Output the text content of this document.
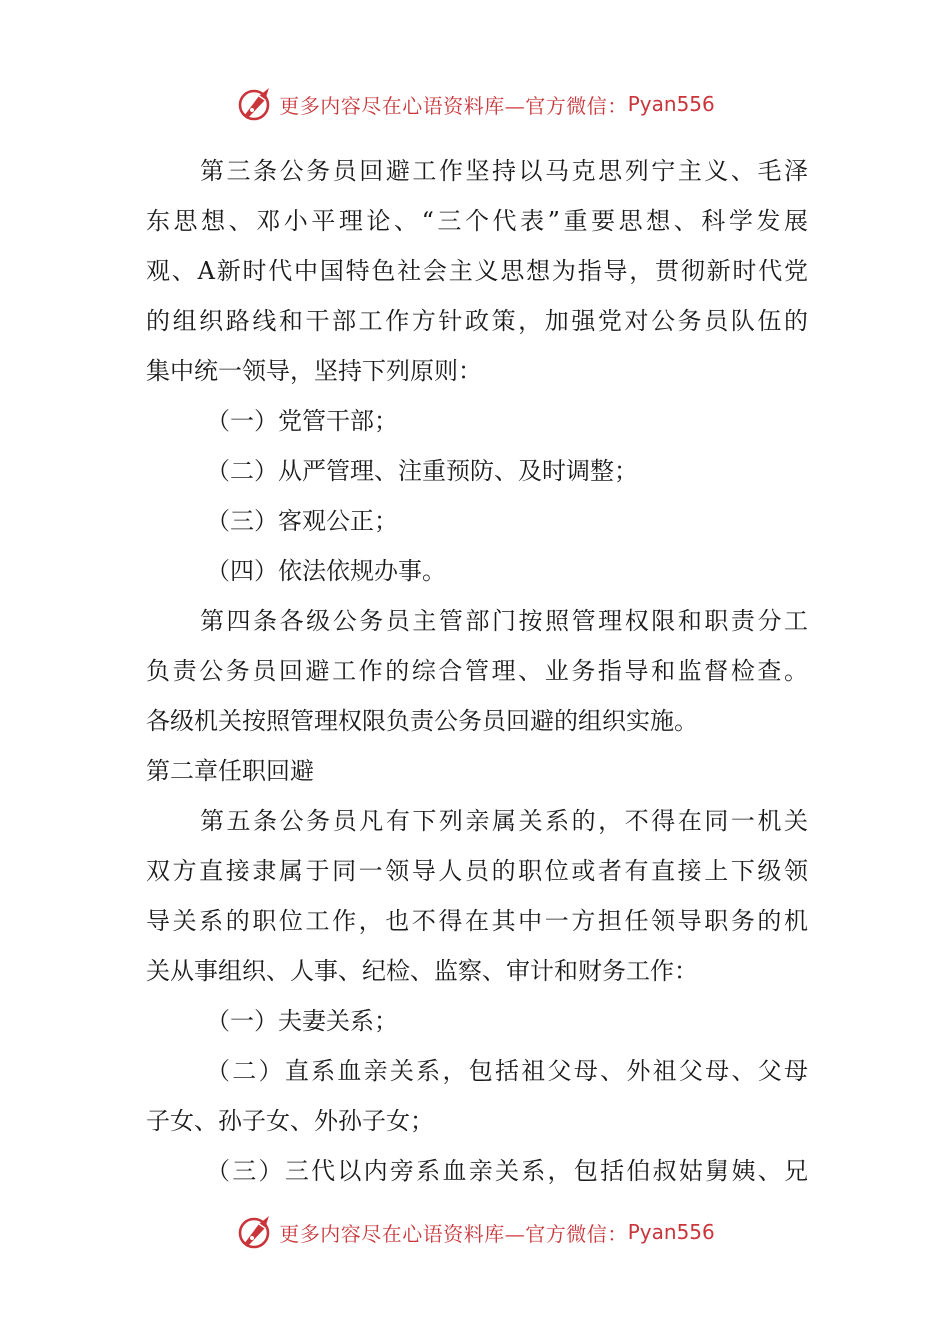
更多内容尽在心语资料库—官方微信： Pyan556
第三条公务员回避工作坚持以马克思列宁主义、毛泽
东思想、邓小平理论、“三个代表”重要思想、科学发展
观、A新时代中国特色社会主义思想为指导，贯彻新时代党
的组织路线和干部工作方针政策，加强党对公务员队伍的
集中统一领导，坚持下列原则：
（一）党管干部；
（二）从严管理、注重预防、及时调整；
（三）客观公正；
（四）依法依规办事。
第四条各级公务员主管部门按照管理权限和职责分工
负责公务员回避工作的综合管理、业务指导和监督检查。
各级机关按照管理权限负责公务员回避的组织实施。
第二章任职回避
第五条公务员凡有下列亲属关系的，不得在同一机关
双方直接隶属于同一领导人员的职位或者有直接上下级领
导关系的职位工作，也不得在其中一方担任领导职务的机
关从事组织、人事、纪检、监察、审计和财务工作：
（一）夫妻关系；
（二）直系血亲关系，包括祖父母、外祖父母、父母
子女、孙子女、外孙子女；
（三）三代以内旁系血亲关系，包括伯叔姑舅姨、兄
更多内容尽在心语资料库—官方微信： Pyan556
